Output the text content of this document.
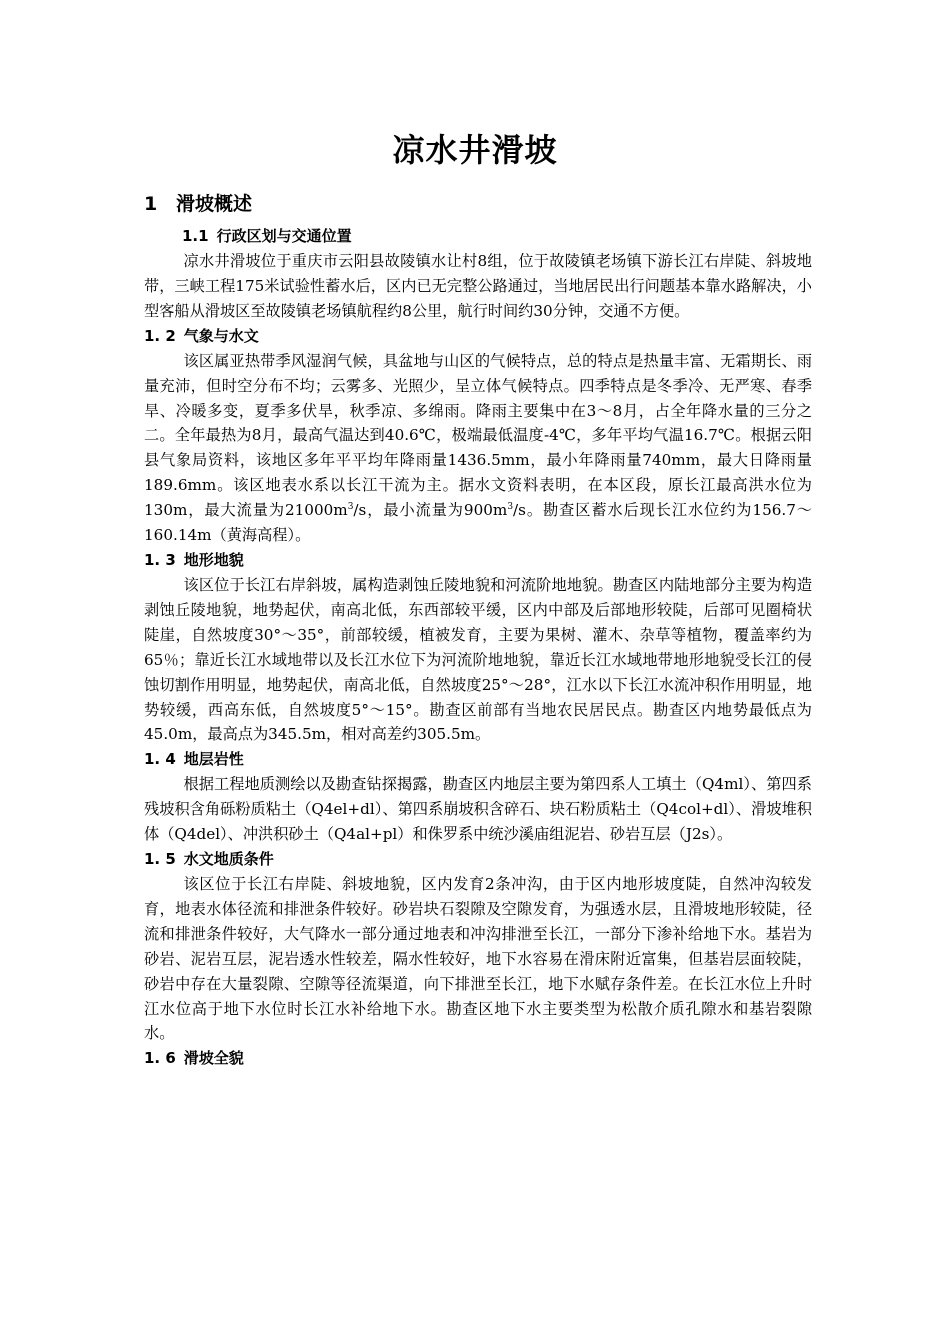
凉水井滑坡
1 滑坡概述
1.1 行政区划与交通位置

凉水井滑坡位于重庆市云阳县故陵镇水让村8组，位于故陵镇老场镇下游长江右岸陡、斜坡地带，三峡工程175米试验性蓄水后，区内已无完整公路通过，当地居民出行问题基本靠水路解决，小型客船从滑坡区至故陵镇老场镇航程约8公里，航行时间约30分钟，交通不方便。

1. 2 气象与水文

该区属亚热带季风湿润气候，具盆地与山区的气候特点，总的特点是热量丰富、无霜期长、雨量充沛，但时空分布不均；云雾多、光照少，呈立体气候特点。四季特点是冬季冷、无严寒、春季旱、冷暖多变，夏季多伏旱，秋季凉、多绵雨。降雨主要集中在3～8月，占全年降水量的三分之二。全年最热为8月，最高气温达到40.6℃，极端最低温度-4℃，多年平均气温16.7℃。根据云阳县气象局资料，该地区多年平平均年降雨量1436.5mm，最小年降雨量740mm，最大日降雨量189.6mm。该区地表水系以长江干流为主。据水文资料表明，在本区段，原长江最高洪水位为130m，最大流量为$21000m^3/s$，最小流量为$900m^3/s$。勘查区蓄水后现长江水位约为156.7～160.14m（黄海高程）。

1. 3 地形地貌

该区位于长江右岸斜坡，属构造剥蚀丘陵地貌和河流阶地地貌。勘查区内陆地部分主要为构造剥蚀丘陵地貌，地势起伏，南高北低，东西部较平缓，区内中部及后部地形较陡，后部可见圈椅状陡崖，自然坡度30°～35°，前部较缓，植被发育，主要为果树、灌木、杂草等植物，覆盖率约为65％；靠近长江水域地带以及长江水位下为河流阶地地貌，靠近长江水域地带地形地貌受长江的侵蚀切割作用明显，地势起伏，南高北低，自然坡度25°～28°，江水以下长江水流冲积作用明显，地势较缓，西高东低，自然坡度5°～15°。勘查区前部有当地农民居民点。勘查区内地势最低点为45.0m，最高点为345.5m，相对高差约305.5m。

1. 4 地层岩性

根据工程地质测绘以及勘查钻探揭露，勘查区内地层主要为第四系人工填土（Q4ml）、第四系残坡积含角砾粉质粘土（Q4el+dl）、第四系崩坡积含碎石、块石粉质粘土（Q4col+dl）、滑坡堆积体（Q4del）、冲洪积砂土（Q4al+pl）和侏罗系中统沙溪庙组泥岩、砂岩互层（J2s）。

1. 5 水文地质条件

该区位于长江右岸陡、斜坡地貌，区内发育2条冲沟，由于区内地形坡度陡，自然冲沟较发育，地表水体径流和排泄条件较好。砂岩块石裂隙及空隙发育，为强透水层，且滑坡地形较陡，径流和排泄条件较好，大气降水一部分通过地表和冲沟排泄至长江，一部分下渗补给地下水。基岩为砂岩、泥岩互层，泥岩透水性较差，隔水性较好，地下水容易在滑床附近富集，但基岩层面较陡，砂岩中存在大量裂隙、空隙等径流渠道，向下排泄至长江，地下水赋存条件差。在长江水位上升时江水位高于地下水位时长江水补给地下水。勘查区地下水主要类型为松散介质孔隙水和基岩裂隙水。

1. 6 滑坡全貌
